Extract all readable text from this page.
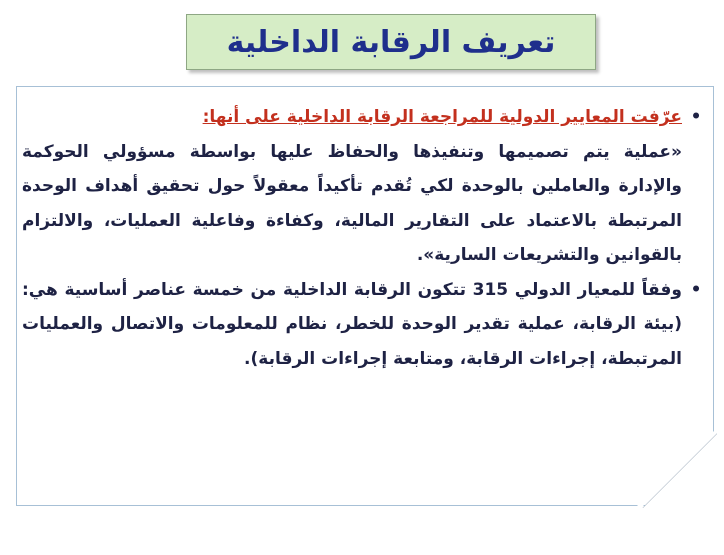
تعريف الرقابة الداخلية

•
عرّفت المعايير الدولية للمراجعة الرقابة الداخلية على أنها:
«عملية يتم تصميمها وتنفيذها والحفاظ عليها بواسطة مسؤولي الحوكمة والإدارة والعاملين بالوحدة لكي تُقدم تأكيداً معقولاً حول تحقيق أهداف الوحدة المرتبطة بالاعتماد على التقارير المالية، وكفاءة وفاعلية العمليات، والالتزام بالقوانين والتشريعات السارية».

•
وفقاً للمعيار الدولي 315 تتكون الرقابة الداخلية من خمسة عناصر أساسية هي: (بيئة الرقابة، عملية تقدير الوحدة للخطر، نظام للمعلومات والاتصال والعمليات المرتبطة، إجراءات الرقابة، ومتابعة إجراءات الرقابة).
